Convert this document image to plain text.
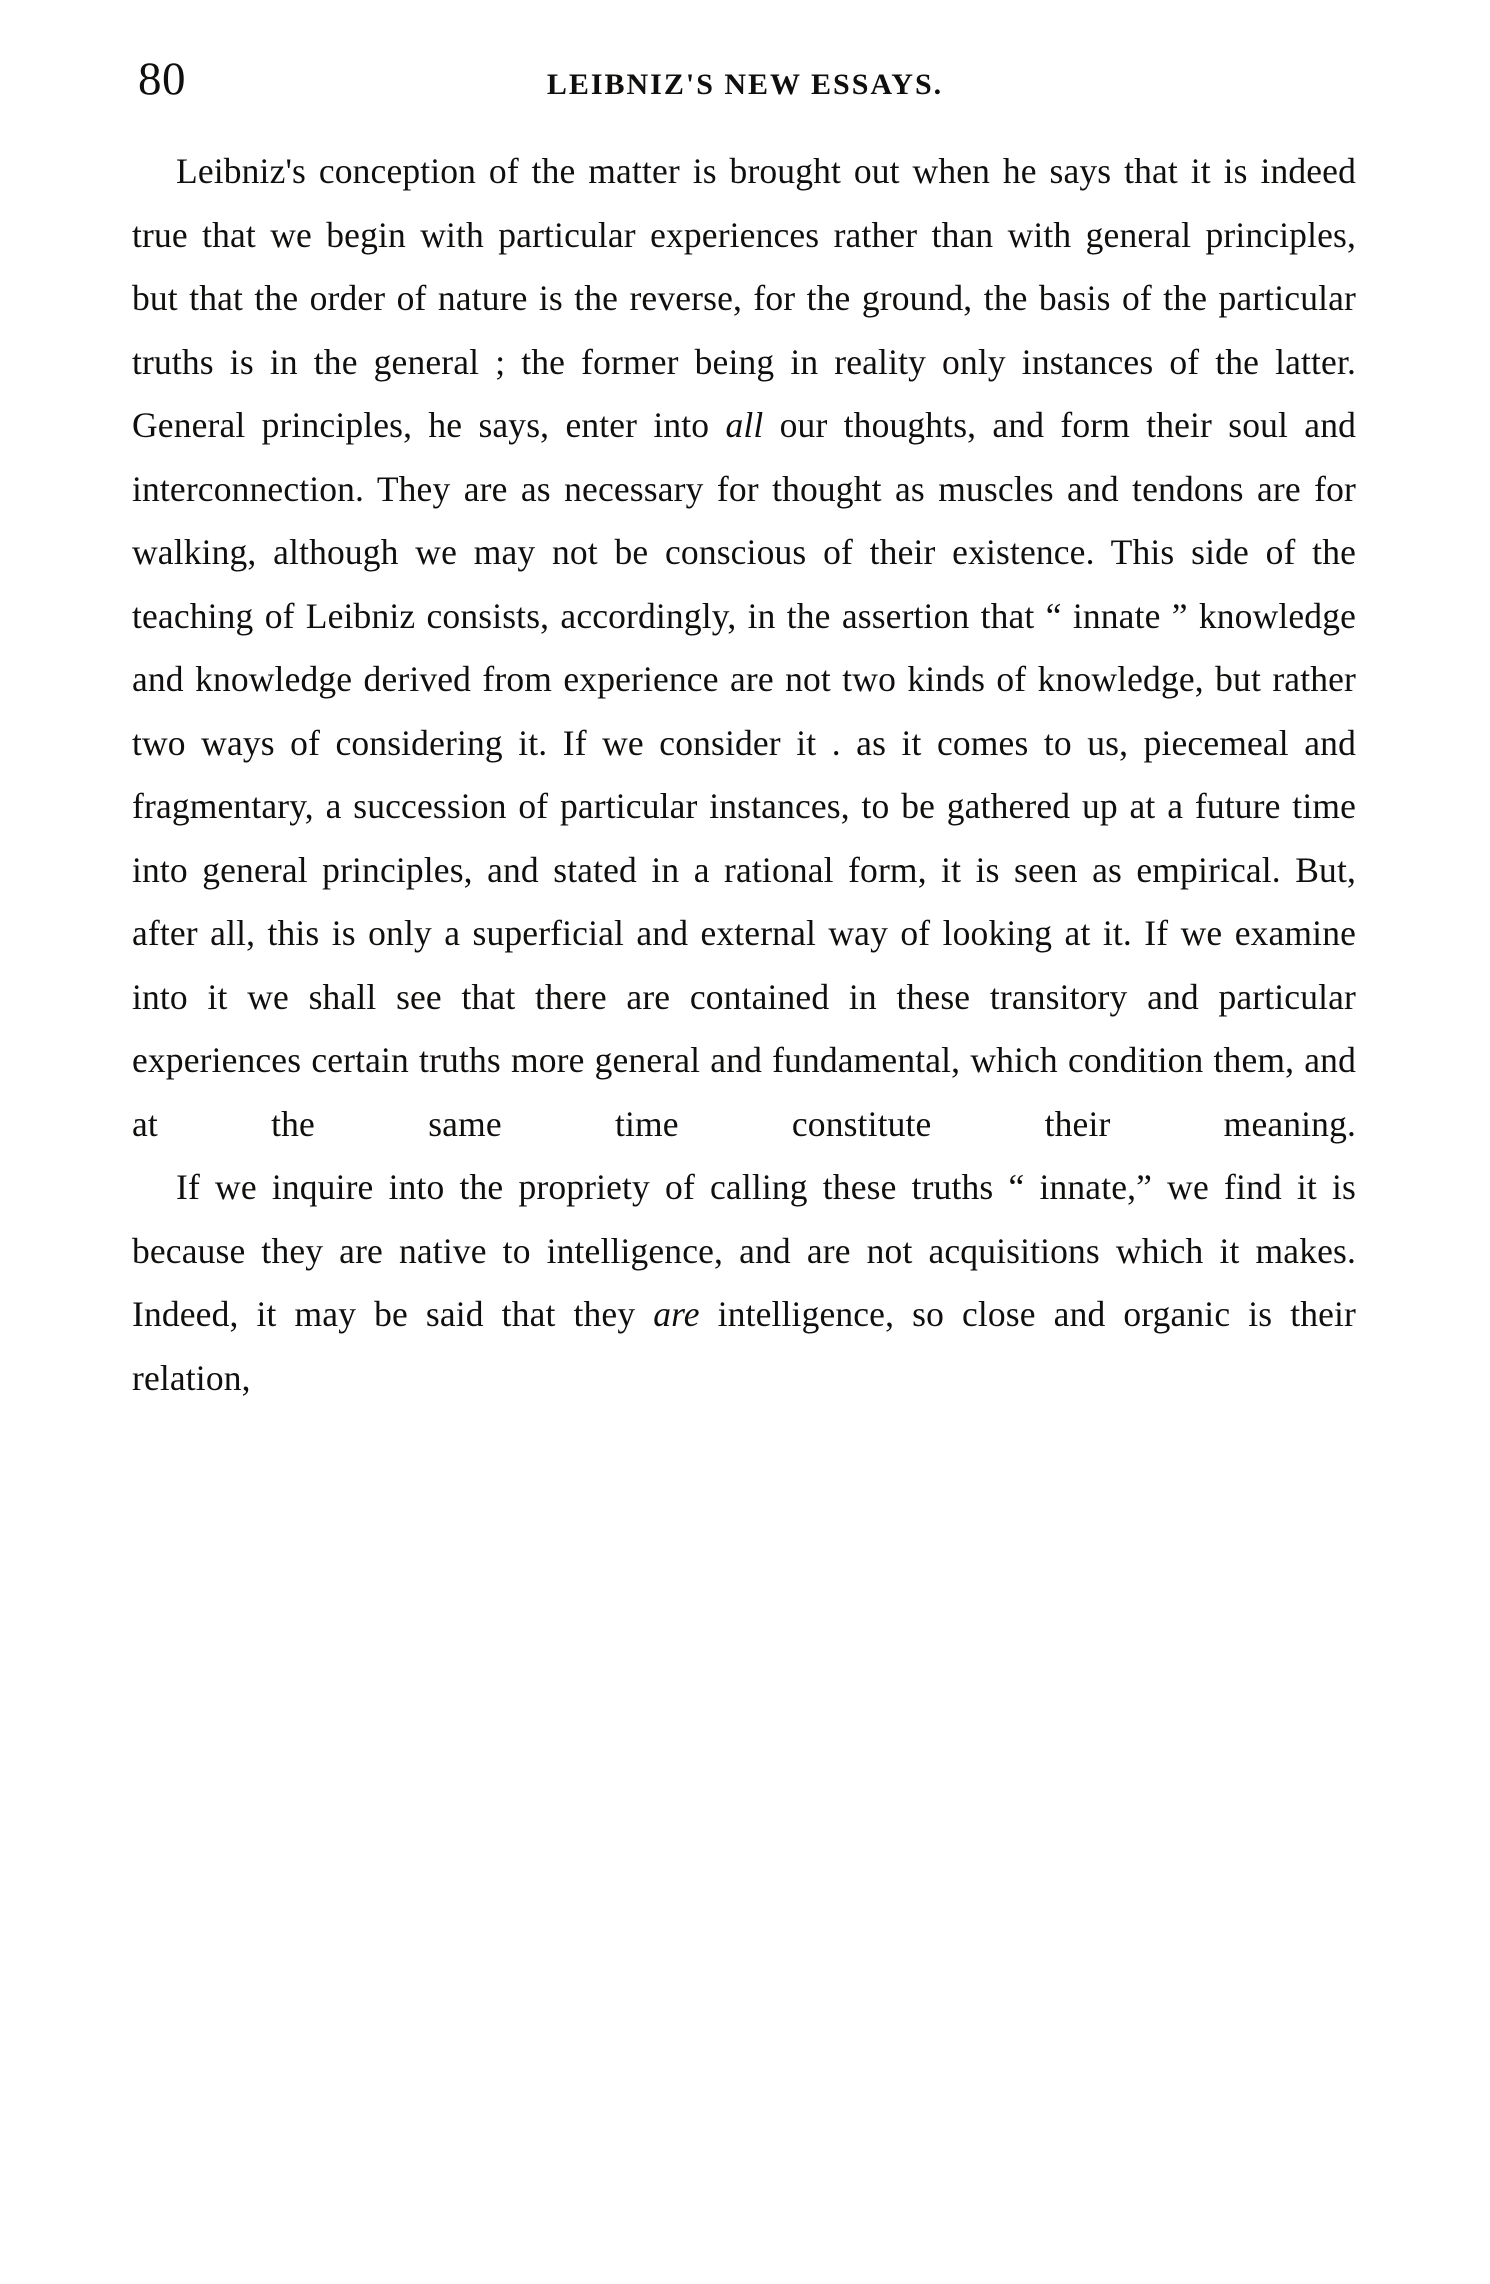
80	LEIBNIZ'S NEW ESSAYS.

Leibniz's conception of the matter is brought out when he says that it is indeed true that we begin with particular experiences rather than with general principles, but that the order of nature is the reverse, for the ground, the basis of the particular truths is in the general ; the former being in reality only instances of the latter. General principles, he says, enter into all our thoughts, and form their soul and interconnection. They are as necessary for thought as muscles and tendons are for walking, although we may not be conscious of their existence. This side of the teaching of Leibniz consists, accordingly, in the assertion that “ innate ” knowledge and knowledge derived from experience are not two kinds of knowledge, but rather two ways of considering it. If we consider it . as it comes to us, piecemeal and fragmentary, a succession of particular instances, to be gathered up at a future time into general principles, and stated in a rational form, it is seen as empirical. But, after all, this is only a superficial and external way of looking at it. If we examine into it we shall see that there are contained in these transitory and particular experiences certain truths more general and fundamental, which condition them, and at the same time constitute their meaning.

If we inquire into the propriety of calling these truths “ innate,” we find it is because they are native to intelligence, and are not acquisitions which it makes. Indeed, it may be said that they are intelligence, so close and organic is their relation,
